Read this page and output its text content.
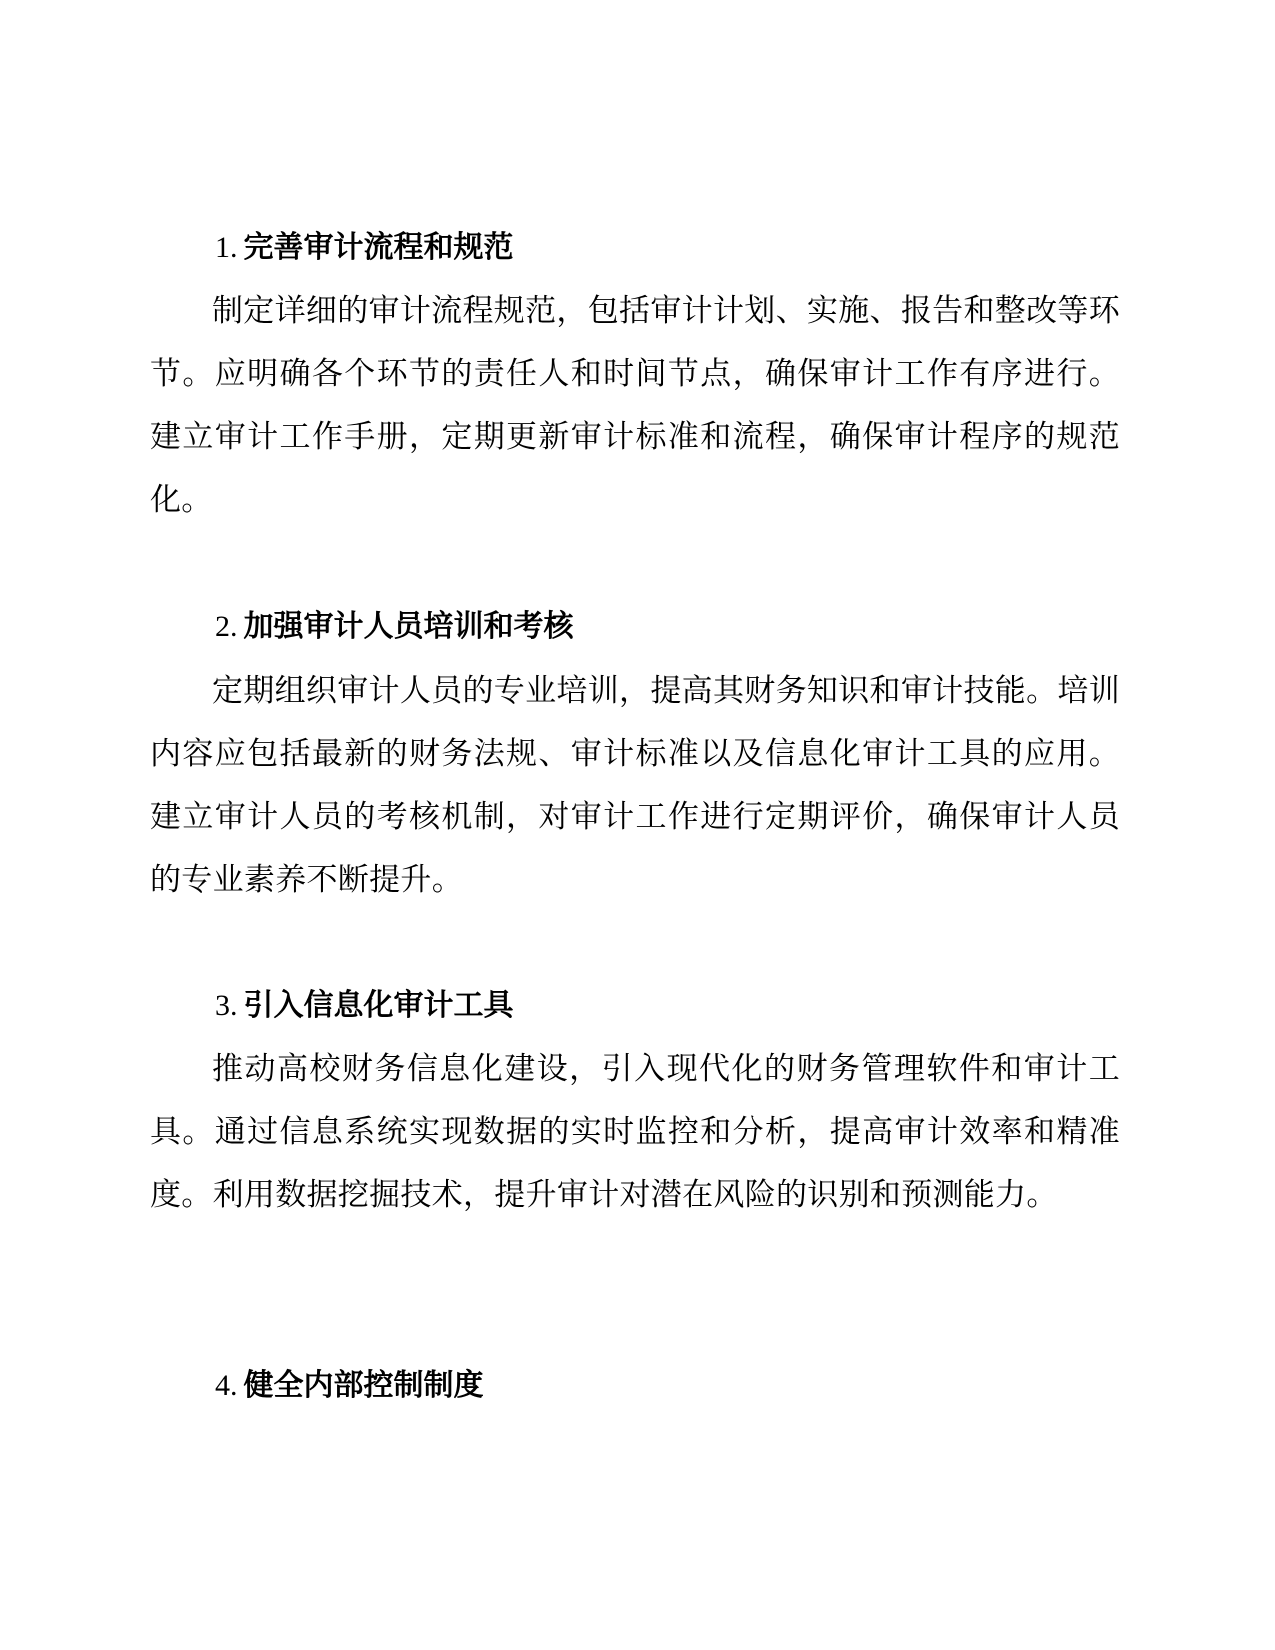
1. 完善审计流程和规范

制定详细的审计流程规范，包括审计计划、实施、报告和整改等环节。应明确各个环节的责任人和时间节点，确保审计工作有序进行。建立审计工作手册，定期更新审计标准和流程，确保审计程序的规范化。

2. 加强审计人员培训和考核

定期组织审计人员的专业培训，提高其财务知识和审计技能。培训内容应包括最新的财务法规、审计标准以及信息化审计工具的应用。建立审计人员的考核机制，对审计工作进行定期评价，确保审计人员的专业素养不断提升。

3. 引入信息化审计工具

推动高校财务信息化建设，引入现代化的财务管理软件和审计工具。通过信息系统实现数据的实时监控和分析，提高审计效率和精准度。利用数据挖掘技术，提升审计对潜在风险的识别和预测能力。

4. 健全内部控制制度
